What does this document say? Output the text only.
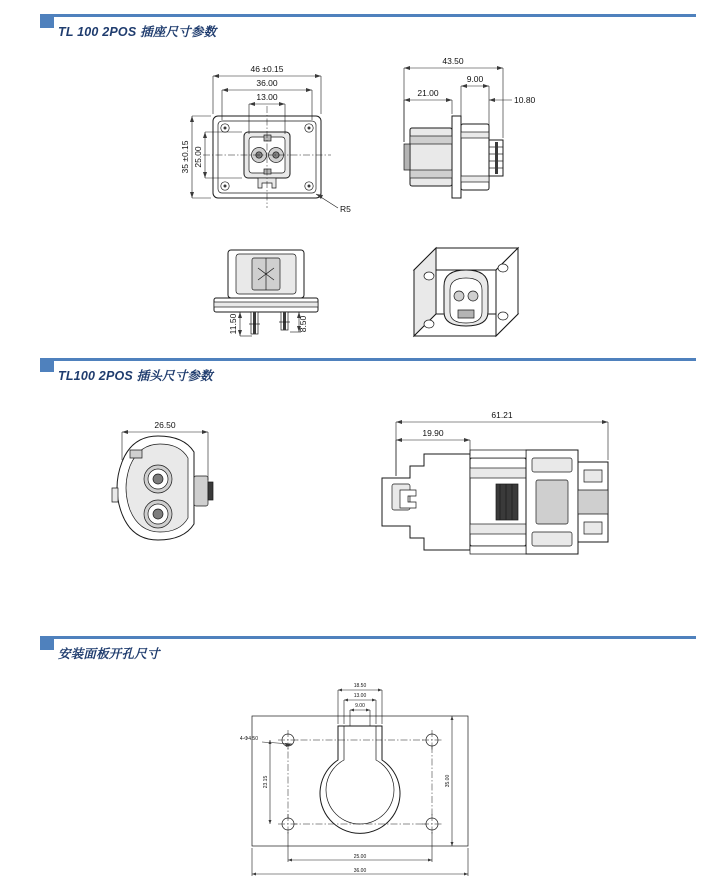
TL 100 2POS 插座尺寸参数
46 ±0.15
36.00
13.00
35 ±0.15 25.00
R5
43.50
9.00
21.00
10.80
11.50	8.50
TL100 2POS 插头尺寸参数
26.50
61.21
19.90
安装面板开孔尺寸
4-Φ4.50
18.50
13.00
9.00
23.15	35.00
25.00
36.00
